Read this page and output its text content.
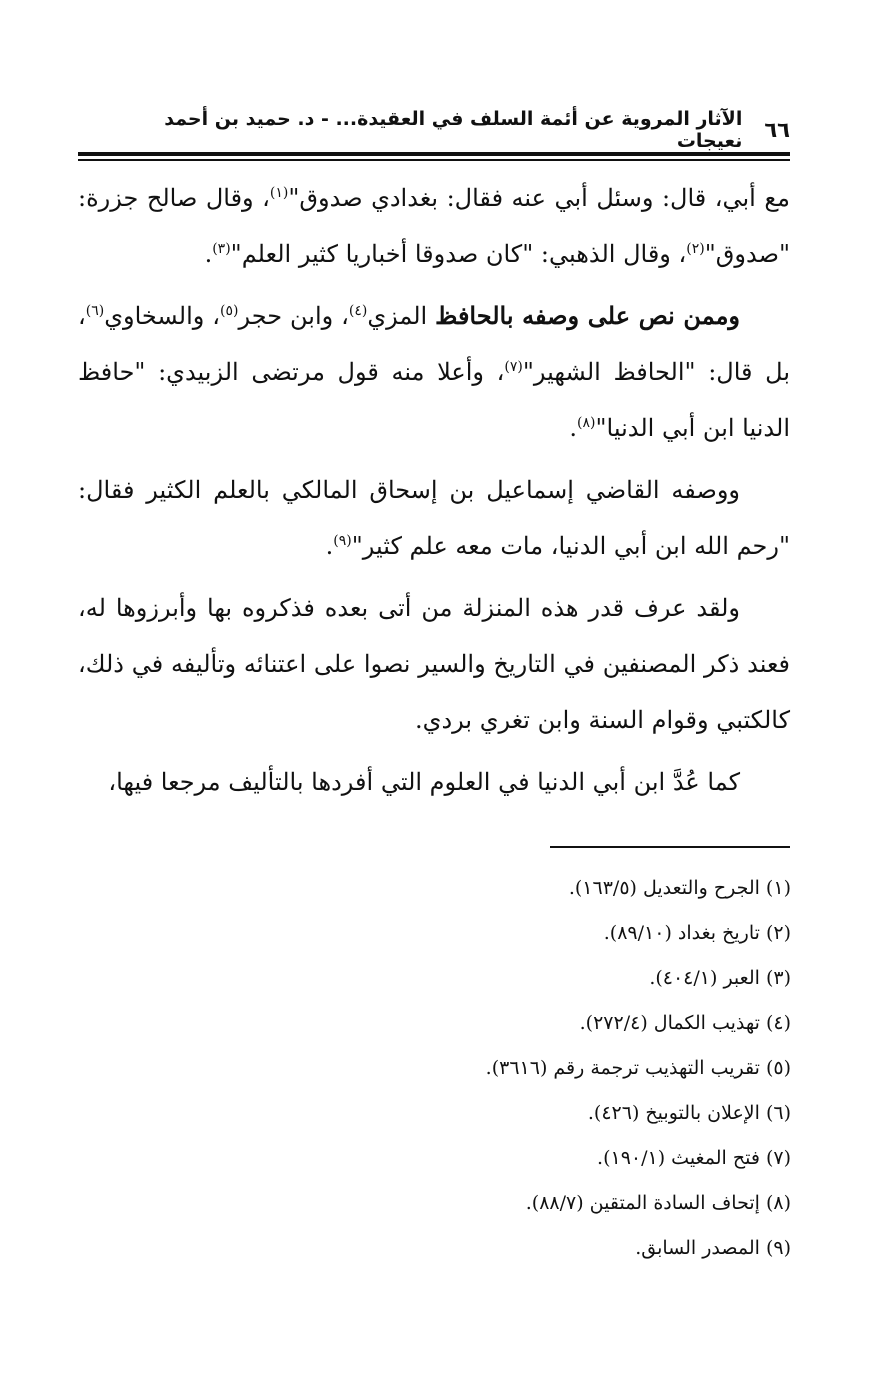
٦٦
الآثار المروية عن أئمة السلف في العقيدة... - د. حميد بن أحمد نعيجات

مع أبي، قال: وسئل أبي عنه فقال: بغدادي صدوق"$^{(١)}$، وقال صالح جزرة: "صدوق"$^{(٢)}$، وقال الذهبي: "كان صدوقا أخباريا كثير العلم"$^{(٣)}$.

وممن نص على وصفه بالحافظ المزي$^{(٤)}$، وابن حجر$^{(٥)}$، والسخاوي$^{(٦)}$، بل قال: "الحافظ الشهير"$^{(٧)}$، وأعلا منه قول مرتضى الزبيدي: "حافظ الدنيا ابن أبي الدنيا"$^{(٨)}$.

ووصفه القاضي إسماعيل بن إسحاق المالكي بالعلم الكثير فقال: "رحم الله ابن أبي الدنيا، مات معه علم كثير"$^{(٩)}$.

ولقد عرف قدر هذه المنزلة من أتى بعده فذكروه بها وأبرزوها له، فعند ذكر المصنفين في التاريخ والسير نصوا على اعتنائه وتأليفه في ذلك، كالكتبي وقوام السنة وابن تغري بردي.

كما عُدَّ ابن أبي الدنيا في العلوم التي أفردها بالتأليف مرجعا فيها،

(١) الجرح والتعديل (١٦٣/٥).
(٢) تاريخ بغداد (٨٩/١٠).
(٣) العبر (٤٠٤/١).
(٤) تهذيب الكمال (٢٧٢/٤).
(٥) تقريب التهذيب ترجمة رقم (٣٦١٦).
(٦) الإعلان بالتوبيخ (٤٢٦).
(٧) فتح المغيث (١٩٠/١).
(٨) إتحاف السادة المتقين (٨٨/٧).
(٩) المصدر السابق.
